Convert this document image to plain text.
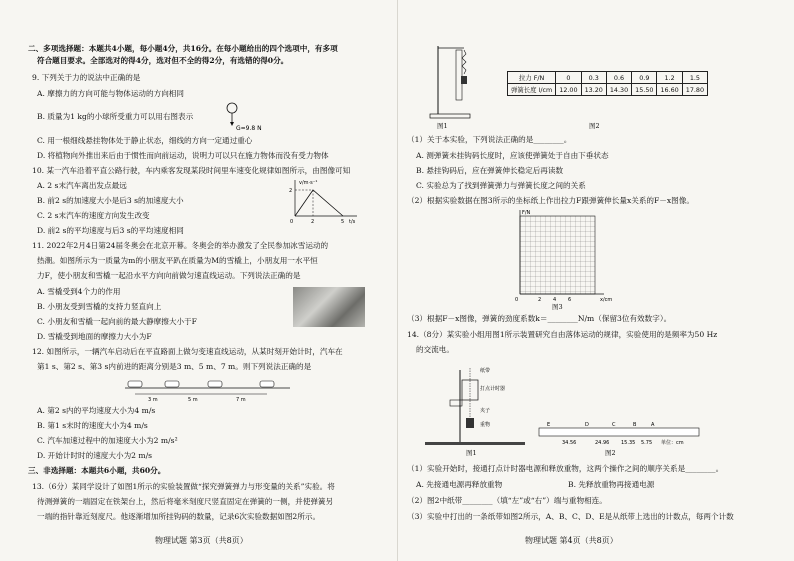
二、多项选择题：本题共4小题，每小题4分，共16分。在每小题给出的四个选项中，有多项
符合题目要求。全部选对的得4分，选对但不全的得2分，有选错的得0分。
9. 下列关于力的说法中正确的是
A. 摩擦力的方向可能与物体运动的方向相同
B. 质量为1 kg的小球所受重力可以用右图表示
G=9.8 N
C. 用一根细线悬挂物体处于静止状态，细线的方向一定通过重心
D. 将植物向外推出来后由于惯性而向前运动，说明力可以只在施力物体而没有受力物体
10. 某一汽车沿着平直公路行驶，车内乘客发现某段时间里车速变化规律如图所示，由图像可知
A. 2 s末汽车离出发点最远
B. 前2 s的加速度大小是后3 s的加速度大小
C. 2 s末汽车的速度方向发生改变
D. 前2 s的平均速度与后3 s的平均速度相同
v/m·s⁻¹
t/s
0	2	5
2
11. 2022年2月4日第24届冬奥会在北京开幕。冬奥会的举办激发了全民参加冰雪运动的
热潮。如图所示为一质量为m的小朋友平趴在质量为M的雪橇上，小朋友用一水平恒
力F，使小朋友和雪橇一起沿水平方向向前做匀速直线运动。下列说法正确的是
A. 雪橇受到4个力的作用
B. 小朋友受到雪橇的支持力竖直向上
C. 小朋友和雪橇一起向前的最大静摩擦大小于F
D. 雪橇受到地面的摩擦力大小为F
12. 如图所示，一辆汽车启动后在平直路面上做匀变速直线运动，从某时刻开始计时，汽车在
第1 s、第2 s、第3 s内前进的距离分别是3 m、5 m、7 m。则下列说法正确的是
3 m	5 m	7 m
A. 第2 s内的平均速度大小为4 m/s
B. 第1 s末时的速度大小为4 m/s
C. 汽车加速过程中的加速度大小为2 m/s²
D. 开始计时时的速度大小为2 m/s
三、非选择题：本题共6小题，共60分。
13.（6分）某同学设计了如图1所示的实验装置做“探究弹簧弹力与形变量的关系”实验。将
待测弹簧的一端固定在铁架台上，然后将毫米刻度尺竖直固定在弹簧的一侧，并使弹簧另
一端的指针靠近刻度尺。他逐渐增加所挂钩码的数量，记录6次实验数据如图2所示。
物理试题 第3页（共8页）
图1
拉力 F/N	0	0.3	0.6	0.9	1.2	1.5
弹簧长度 l/cm	12.00	13.20	14.30	15.50	16.60	17.80
图2
（1）关于本实验，下列说法正确的是________。
A. 测弹簧未挂钩码长度时，应该使弹簧处于自由下垂状态
B. 悬挂钩码后，应在弹簧伸长稳定后再读数
C. 实验总为了找到弹簧弹力与弹簧长度之间的关系
（2）根据实验数据在图3所示的坐标纸上作出拉力F跟弹簧伸长量x关系的F－x图像。
F/N
x/cm
0	2 4 6
图3
（3）根据F－x图像，弹簧的劲度系数k＝________N/m（保留3位有效数字）。
14.（8分）某实验小组用图1所示装置研究自由落体运动的规律，实验使用的是频率为50 Hz
的交流电。
纸带
打点计时器
夹子
重物
图1
E	D	C	B	A
34.56	24.96 15.35 5.75 单位：cm
图2
（1）实验开始时，接通打点计时器电源和释放重物，这两个操作之间的顺序关系是________。
A. 先接通电源再释放重物	B. 先释放重物再接通电源
（2）图2中纸带________（填“左”或“右”）端与重物相连。
（3）实验中打出的一条纸带如图2所示，A、B、C、D、E是从纸带上选出的计数点，每两个计数
物理试题 第4页（共8页）
